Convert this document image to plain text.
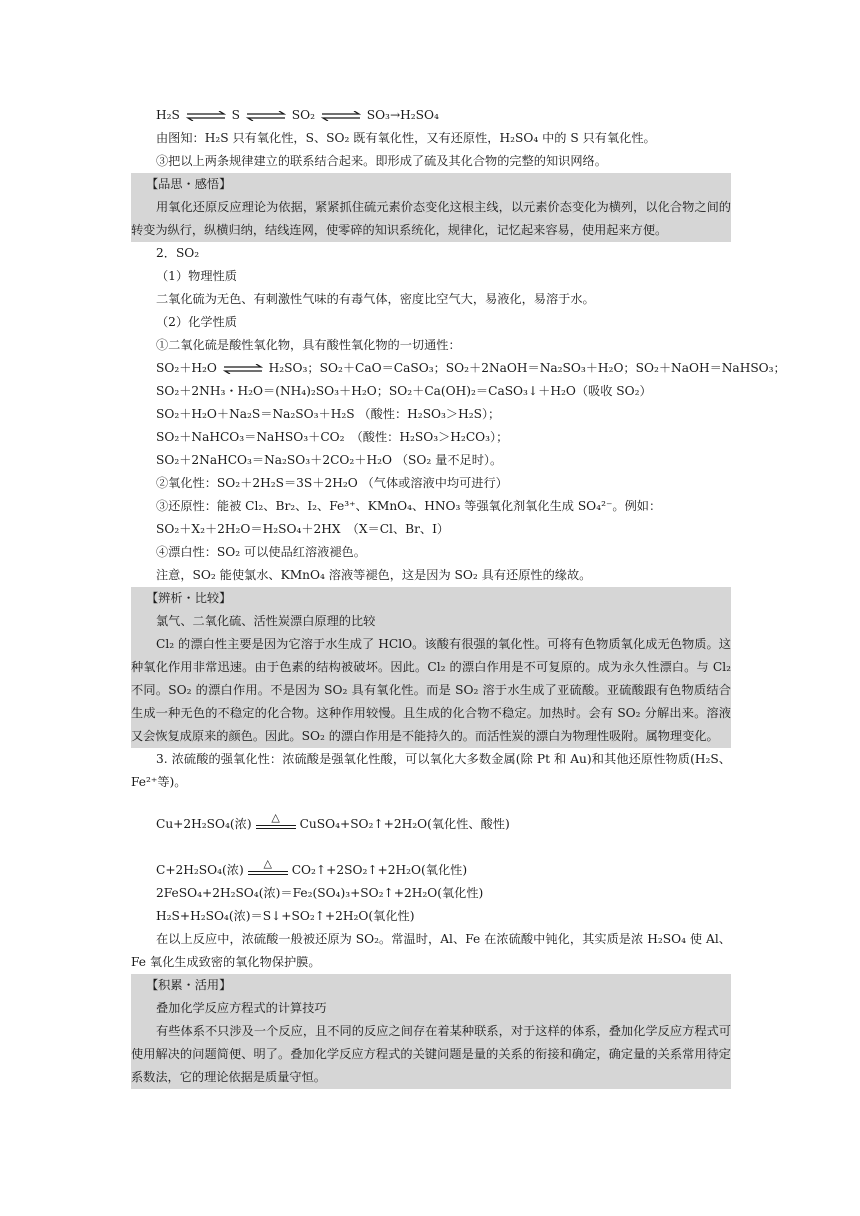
H₂S ⇌ S ⇌ SO₂ ⇌ SO₃→H₂SO₄
由图知：H₂S 只有氧化性，S、SO₂ 既有氧化性，又有还原性，H₂SO₄ 中的 S 只有氧化性。
③把以上两条规律建立的联系结合起来。即形成了硫及其化合物的完整的知识网络。
【品思・感悟】
用氧化还原反应理论为依据，紧紧抓住硫元素价态变化这根主线，以元素价态变化为横列，以化合物之间的转变为纵行，纵横归纳，结线连网，使零碎的知识系统化，规律化，记忆起来容易，使用起来方便。
2．SO₂
（1）物理性质
二氧化硫为无色、有刺激性气味的有毒气体，密度比空气大，易液化，易溶于水。
（2）化学性质
①二氧化硫是酸性氧化物，具有酸性氧化物的一切通性：
SO₂＋H₂O ⇌ H₂SO₃；SO₂＋CaO＝CaSO₃；SO₂＋2NaOH＝Na₂SO₃＋H₂O；SO₂＋NaOH＝NaHSO₃；
SO₂＋2NH₃・H₂O＝(NH₄)₂SO₃＋H₂O；SO₂＋Ca(OH)₂＝CaSO₃↓＋H₂O（吸收 SO₂）
SO₂＋H₂O＋Na₂S＝Na₂SO₃＋H₂S （酸性：H₂SO₃＞H₂S）；
SO₂＋NaHCO₃＝NaHSO₃＋CO₂　（酸性：H₂SO₃＞H₂CO₃）；
SO₂＋2NaHCO₃＝Na₂SO₃＋2CO₂＋H₂O （SO₂ 量不足时）。
②氧化性：SO₂＋2H₂S＝3S＋2H₂O （气体或溶液中均可进行）
③还原性：能被 Cl₂、Br₂、I₂、Fe³⁺、KMnO₄、HNO₃ 等强氧化剂氧化生成 SO₄²⁻。例如：
SO₂＋X₂＋2H₂O＝H₂SO₄＋2HX　（X＝Cl、Br、I）
④漂白性：SO₂ 可以使品红溶液褪色。
注意，SO₂ 能使氯水、KMnO₄ 溶液等褪色，这是因为 SO₂ 具有还原性的缘故。
【辨析・比较】
氯气、二氧化硫、活性炭漂白原理的比较
Cl₂ 的漂白性主要是因为它溶于水生成了 HClO。该酸有很强的氧化性。可将有色物质氧化成无色物质。这种氧化作用非常迅速。由于色素的结构被破坏。因此。Cl₂ 的漂白作用是不可复原的。成为永久性漂白。与 Cl₂ 不同。SO₂ 的漂白作用。不是因为 SO₂ 具有氧化性。而是 SO₂ 溶于水生成了亚硫酸。亚硫酸跟有色物质结合生成一种无色的不稳定的化合物。这种作用较慢。且生成的化合物不稳定。加热时。会有 SO₂ 分解出来。溶液又会恢复成原来的颜色。因此。SO₂ 的漂白作用是不能持久的。而活性炭的漂白为物理性吸附。属物理变化。
3. 浓硫酸的强氧化性：浓硫酸是强氧化性酸，可以氧化大多数金属(除 Pt 和 Au)和其他还原性物质(H₂S、Fe²⁺等)。
Cu+2H₂SO₄(浓) △ CuSO₄+SO₂↑+2H₂O(氧化性、酸性)
C+2H₂SO₄(浓) △ CO₂↑+2SO₂↑+2H₂O(氧化性)
2FeSO₄+2H₂SO₄(浓)＝Fe₂(SO₄)₃+SO₂↑+2H₂O(氧化性)
H₂S+H₂SO₄(浓)＝S↓+SO₂↑+2H₂O(氧化性)
在以上反应中，浓硫酸一般被还原为 SO₂。常温时，Al、Fe 在浓硫酸中钝化，其实质是浓 H₂SO₄ 使 Al、Fe 氧化生成致密的氧化物保护膜。
【积累・活用】
叠加化学反应方程式的计算技巧
有些体系不只涉及一个反应，且不同的反应之间存在着某种联系，对于这样的体系，叠加化学反应方程式可使用解决的问题简便、明了。叠加化学反应方程式的关键问题是量的关系的衔接和确定，确定量的关系常用待定系数法，它的理论依据是质量守恒。
